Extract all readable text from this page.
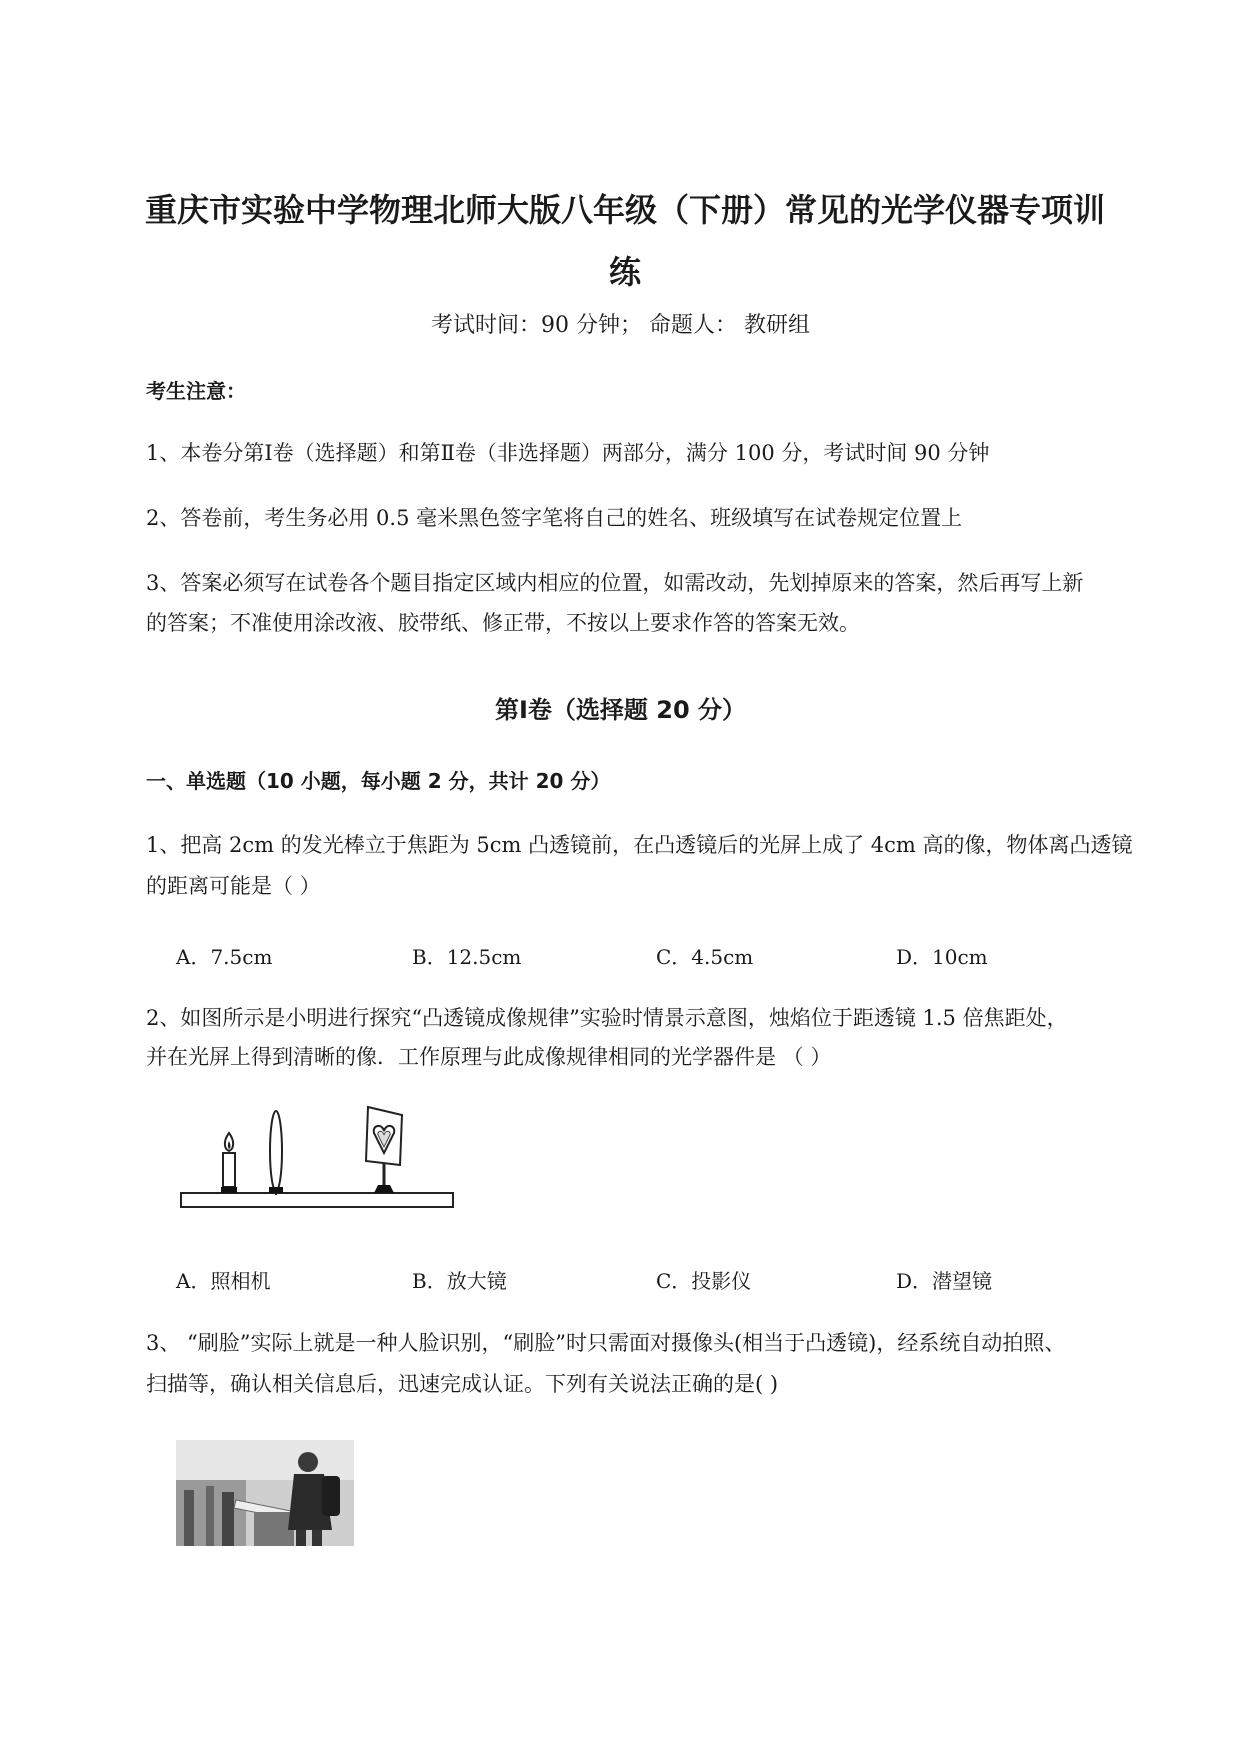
重庆市实验中学物理北师大版八年级（下册）常见的光学仪器专项训
练
考试时间：90 分钟； 命题人： 教研组
考生注意：
1、本卷分第Ⅰ卷（选择题）和第Ⅱ卷（非选择题）两部分，满分 100 分，考试时间 90 分钟
2、答卷前，考生务必用 0.5 毫米黑色签字笔将自己的姓名、班级填写在试卷规定位置上
3、答案必须写在试卷各个题目指定区域内相应的位置，如需改动，先划掉原来的答案，然后再写上新
的答案；不准使用涂改液、胶带纸、修正带，不按以上要求作答的答案无效。
第Ⅰ卷（选择题 20 分）
一、单选题（10 小题，每小题 2 分，共计 20 分）
1、把高 2cm 的发光棒立于焦距为 5cm 凸透镜前，在凸透镜后的光屏上成了 4cm 高的像，物体离凸透镜
的距离可能是（ ）
A．7.5cm	B．12.5cm	C．4.5cm	D．10cm
2、如图所示是小明进行探究“凸透镜成像规律”实验时情景示意图，烛焰位于距透镜 1.5 倍焦距处，
并在光屏上得到清晰的像．工作原理与此成像规律相同的光学器件是 （ ）
A．照相机	B．放大镜	C．投影仪	D．潜望镜
3、 “刷脸”实际上就是一种人脸识别，“刷脸”时只需面对摄像头(相当于凸透镜)，经系统自动拍照、
扫描等，确认相关信息后，迅速完成认证。下列有关说法正确的是( )
